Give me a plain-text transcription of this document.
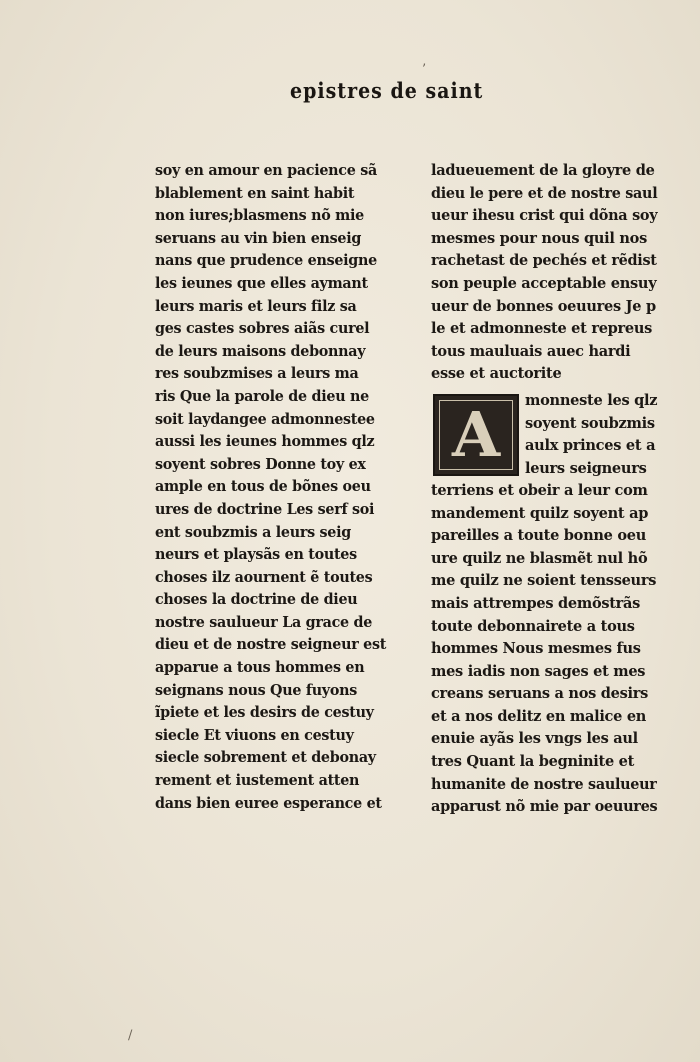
epistres de saint
soy en amour en pacience sã
blablement en saint habit
non iures;blasmens nõ mie
seruans au vin bien enseig
nans que prudence enseigne
les ieunes que elles aymant
leurs maris et leurs filz sa
ges castes sobres aiãs curel
de leurs maisons debonnay
res soubzmises a leurs ma
ris Que la parole de dieu ne
soit laydangee admonnestee
aussi les ieunes hommes qlz
soyent sobres Donne toy ex
ample en tous de bõnes oeu
ures de doctrine Les serf soi
ent soubzmis a leurs seig
neurs et playsãs en toutes
choses ilz aournent ẽ toutes
choses la doctrine de dieu
nostre saulueur La grace de
dieu et de nostre seigneur est
apparue a tous hommes en
seignans nous Que fuyons
ĩpiete et les desirs de cestuy
siecle Et viuons en cestuy
siecle sobrement et debonay
rement et iustement atten
dans bien euree esperance et
ladueuement de la gloyre de
dieu le pere et de nostre saul
ueur ihesu crist qui dõna soy
mesmes pour nous quil nos
rachetast de pechés et rẽdist
son peuple acceptable ensuy
ueur de bonnes oeuures Je p
le et admonneste et repreus
tous mauluais auec hardi
esse et auctorite
A	monneste les qlz
soyent soubzmis
aulx princes et a
leurs seigneurs
terriens et obeir a leur com
mandement quilz soyent ap
pareilles a toute bonne oeu
ure quilz ne blasmẽt nul hõ
me quilz ne soient tensseurs
mais attrempes demõstrãs
toute debonnairete a tous
hommes Nous mesmes fus
mes iadis non sages et mes
creans seruans a nos desirs
et a nos delitz en malice en
enuie ayãs les vngs les aul
tres Quant la begninite et
humanite de nostre saulueur
apparust nõ mie par oeuures
’
/
